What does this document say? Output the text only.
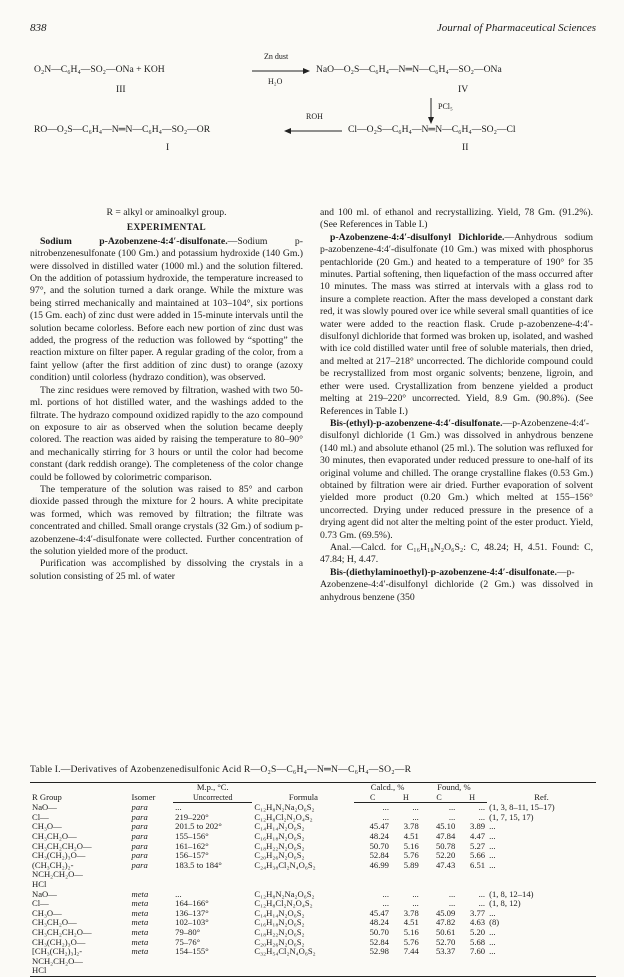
838	Journal of Pharmaceutical Sciences
Zn dust
O₂N—C₆H₄—SO₂—ONa + KOH
H₂O
NaO—O₂S—C₆H₄—N═N—C₆H₄—SO₂—ONa
III	IV
PCl₅
ROH
RO—O₂S—C₆H₄—N═N—C₆H₄—SO₂—OR	Cl—O₂S—C₆H₄—N═N—C₆H₄—SO₂—Cl
I	II

R = alkyl or aminoalkyl group.

EXPERIMENTAL

Sodium p-Azobenzene-4:4′-disulfonate.—Sodium p-nitrobenzenesulfonate (100 Gm.) and potassium hydroxide (140 Gm.) were dissolved in distilled water (1000 ml.) and the solution filtered. On the addition of potassium hydroxide, the temperature increased to 97°, and the solution turned a dark orange. While the mixture was being stirred mechanically and maintained at 103–104°, six portions (15 Gm. each) of zinc dust were added in 15-minute intervals until the solution became colorless. Before each new portion of zinc dust was added, the progress of the reduction was followed by “spotting” the reaction mixture on filter paper. A regular grading of the color, from a faint yellow (after the first addition of zinc dust) to orange (azoxy condition) until colorless (hydrazo condition), was observed.

The zinc residues were removed by filtration, washed with two 50-ml. portions of hot distilled water, and the washings added to the filtrate. The hydrazo compound oxidized rapidly to the azo compound on exposure to air as observed when the solution became deeply colored. The reaction was aided by raising the temperature to 80–90° and mechanically stirring for 3 hours or until the color had become constant (dark reddish orange). The completeness of the color change could be followed by colorimetric comparison.

The temperature of the solution was raised to 85° and carbon dioxide passed through the mixture for 2 hours. A white precipitate was formed, which was removed by filtration; the filtrate was concentrated and chilled. Small orange crystals (32 Gm.) of sodium p-azobenzene-4:4′-disulfonate were collected. Further concentration of the solution yielded more of the product.

Purification was accomplished by dissolving the crystals in a solution consisting of 25 ml. of water

and 100 ml. of ethanol and recrystallizing. Yield, 78 Gm. (91.2%). (See References in Table I.)

p-Azobenzene-4:4′-disulfonyl Dichloride.—Anhydrous sodium p-azobenzene-4:4′-disulfonate (10 Gm.) was mixed with phosphorus pentachloride (20 Gm.) and heated to a temperature of 190° for 35 minutes. Partial softening, then liquefaction of the mass occurred after 10 minutes. The mass was stirred at intervals with a glass rod to insure a complete reaction. After the mass developed a constant dark red, it was slowly poured over ice while several small quantities of ice water were added to the reaction flask. Crude p-azobenzene-4:4′-disulfonyl dichloride that formed was broken up, isolated, and washed with ice cold distilled water until free of soluble materials, then dried, and melted at 217–218° uncorrected. The dichloride compound could be recrystallized from most organic solvents; benzene, ligroin, and ether were used. Crystallization from benzene yielded a product melting at 219–220° uncorrected. Yield, 8.9 Gm. (90.8%). (See References in Table I.)

Bis-(ethyl)-p-azobenzene-4:4′-disulfonate.—p-Azobenzene-4:4′-disulfonyl dichloride (1 Gm.) was dissolved in anhydrous benzene (140 ml.) and absolute ethanol (25 ml.). The solution was refluxed for 30 minutes, then evaporated under reduced pressure to one-half of its original volume and chilled. The orange crystalline flakes (0.53 Gm.) obtained by filtration were air dried. Further evaporation of solvent yielded more product (0.20 Gm.) which melted at 155–156° uncorrected. Drying under reduced pressure in the presence of a drying agent did not alter the melting point of the ester product. Yield, 0.73 Gm. (69.5%).

Anal.—Calcd. for C₁₆H₁₈N₂O₆S₂: C, 48.24; H, 4.51. Found: C, 47.84; H, 4.47.

Bis-(diethylaminoethyl)-p-azobenzene-4:4′-disulfonate.—p-Azobenzene-4:4′-disulfonyl dichloride (2 Gm.) was dissolved in anhydrous benzene (350

Table I.—Derivatives of Azobenzenedisulfonic Acid R—O₂S—C₆H₄—N═N—C₆H₄—SO₂—R
R Group	Isomer	M.p., °C.	Formula	Calcd., %		Found, %		Ref.
		Uncorrected		C	H	C	H	
NaO—	para	...	C₁₂H₈N₂Na₂O₆S₂	...	...	...	...	(1, 3, 8–11, 15–17)
Cl—	para	219–220°	C₁₂H₈Cl₂N₂O₄S₂	...	...	...	...	(1, 7, 15, 17)
CH₃O—	para	201.5 to 202°	C₁₄H₁₄N₂O₆S₂	45.47	3.78	45.10	3.89	...
CH₃CH₂O—	para	155–156°	C₁₆H₁₈N₂O₆S₂	48.24	4.51	47.84	4.47	...
CH₃CH₂CH₂O—	para	161–162°	C₁₈H₂₂N₂O₆S₂	50.70	5.16	50.78	5.27	...
CH₃(CH₂)₃O—	para	156–157°	C₂₀H₂₆N₂O₆S₂	52.84	5.76	52.20	5.66	...
(CH₃CH₂)₂-	para	183.5 to 184°	C₂₄H₃₈Cl₂N₄O₆S₂	46.99	5.89	47.43	6.51	...
NCH₂CH₂O—								
HCl								
NaO—	meta	...	C₁₂H₈N₂Na₂O₆S₂	...	...	...	...	(1, 8, 12–14)
Cl—	meta	164–166°	C₁₂H₈Cl₂N₂O₄S₂	...	...	...	...	(1, 8, 12)
CH₃O—	meta	136–137°	C₁₄H₁₄N₂O₆S₂	45.47	3.78	45.09	3.77	...
CH₃CH₂O—	meta	102–103°	C₁₆H₁₈N₂O₆S₂	48.24	4.51	47.82	4.63	(8)
CH₃CH₂CH₂O—	meta	79–80°	C₁₈H₂₂N₂O₆S₂	50.70	5.16	50.61	5.20	...
CH₃(CH₂)₃O—	meta	75–76°	C₂₀H₂₆N₂O₆S₂	52.84	5.76	52.70	5.68	...
[CH₃(CH₂)₃]₂-	meta	154–155°	C₃₂H₅₄Cl₂N₄O₆S₂	52.98	7.44	53.37	7.60	...
NCH₂CH₂O—								
HCl								
